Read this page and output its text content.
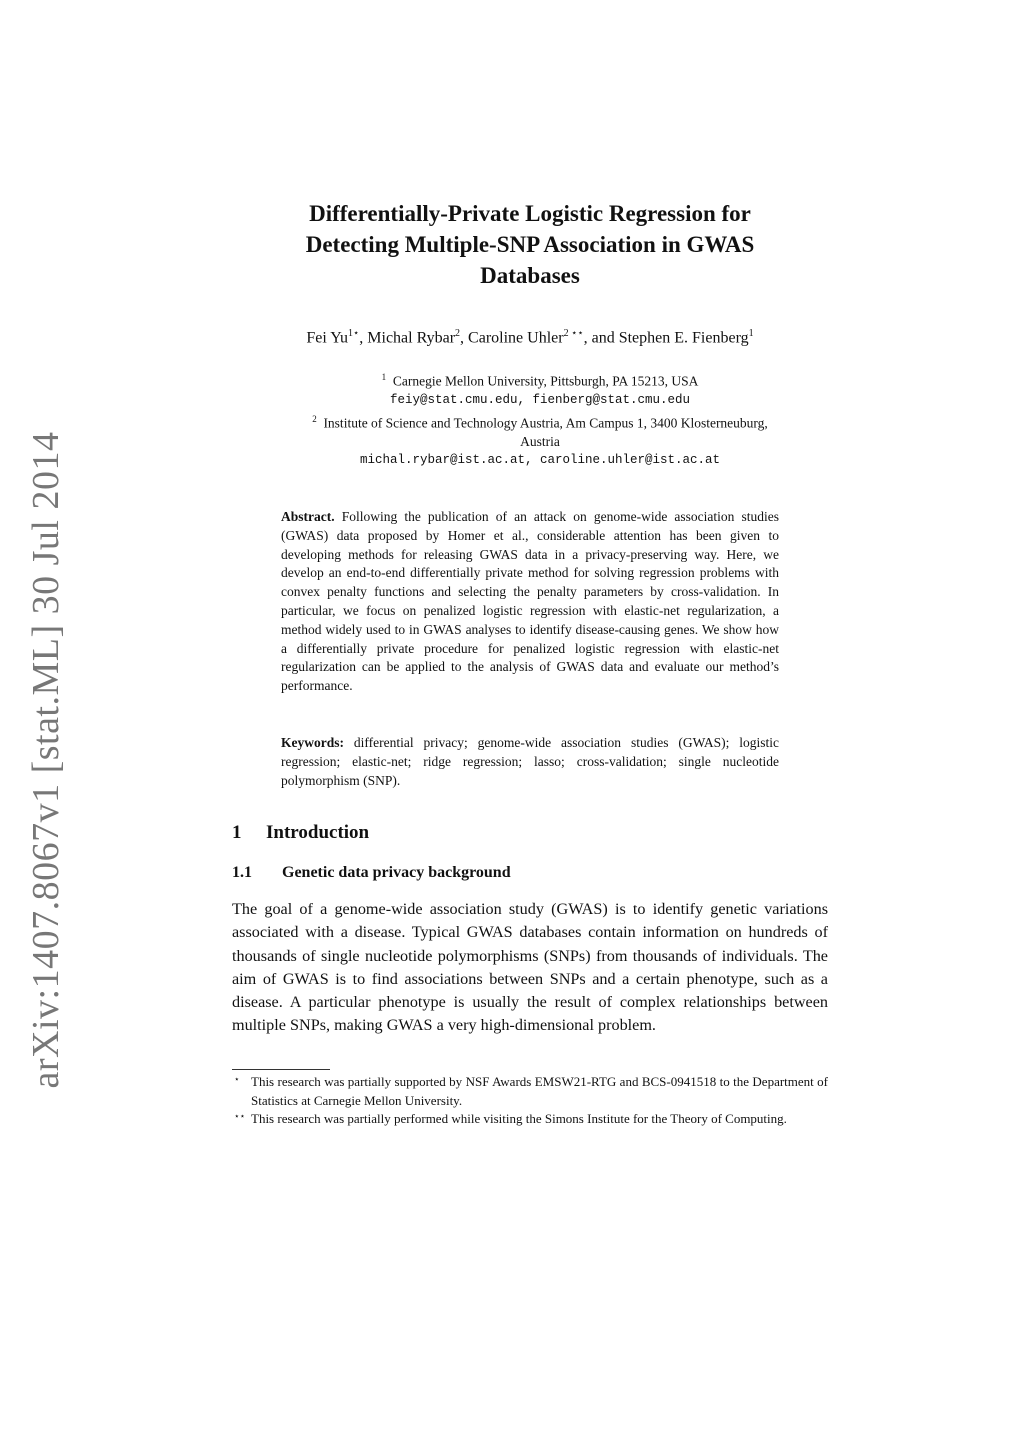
arXiv:1407.8067v1 [stat.ML] 30 Jul 2014
Differentially-Private Logistic Regression for
Detecting Multiple-SNP Association in GWAS
Databases
Fei $Yu^{1⋆}$, Michal Rybar$^2$, Caroline Uhler$^{2 ⋆⋆}$, and Stephen E. Fienberg$^1$
$^1$ Carnegie Mellon University, Pittsburgh, PA 15213, USA
feiy@stat.cmu.edu, fienberg@stat.cmu.edu
$^2$ Institute of Science and Technology Austria, Am Campus 1, 3400 Klosterneuburg,
Austria
michal.rybar@ist.ac.at, caroline.uhler@ist.ac.at
Abstract. Following the publication of an attack on genome-wide association studies (GWAS) data proposed by Homer et al., considerable attention has been given to developing methods for releasing GWAS data in a privacy-preserving way. Here, we develop an end-to-end differentially private method for solving regression problems with convex penalty functions and selecting the penalty parameters by cross-validation. In particular, we focus on penalized logistic regression with elastic-net regularization, a method widely used to in GWAS analyses to identify disease-causing genes. We show how a differentially private procedure for penalized logistic regression with elastic-net regularization can be applied to the analysis of GWAS data and evaluate our method’s performance.
Keywords: differential privacy; genome-wide association studies (GWAS); logistic regression; elastic-net; ridge regression; lasso; cross-validation; single nucleotide polymorphism (SNP).
1 Introduction
1.1 Genetic data privacy background
The goal of a genome-wide association study (GWAS) is to identify genetic variations associated with a disease. Typical GWAS databases contain information on hundreds of thousands of single nucleotide polymorphisms (SNPs) from thousands of individuals. The aim of GWAS is to find associations between SNPs and a certain phenotype, such as a disease. A particular phenotype is usually the result of complex relationships between multiple SNPs, making GWAS a very high-dimensional problem.
⋆ This research was partially supported by NSF Awards EMSW21-RTG and BCS-0941518 to the Department of Statistics at Carnegie Mellon University.
⋆⋆ This research was partially performed while visiting the Simons Institute for the Theory of Computing.
